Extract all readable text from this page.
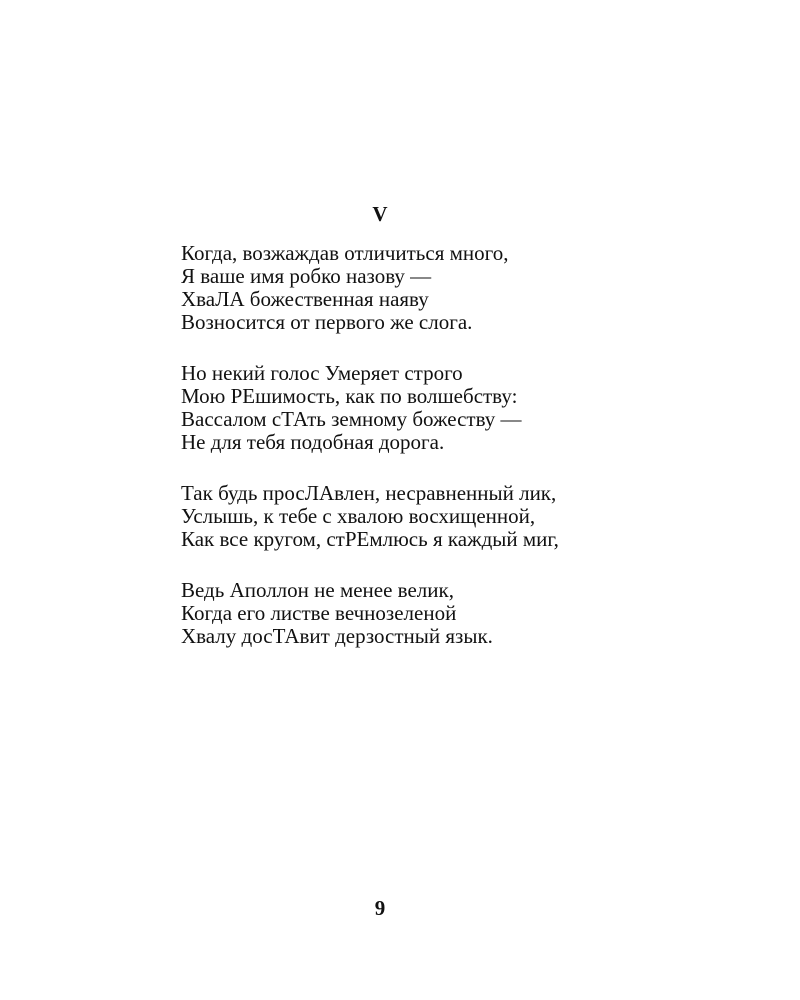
V
Когда, возжаждав отличиться много,
Я ваше имя робко назову —
ХваЛА божественная наяву
Возносится от первого же слога.
Но некий голос Умеряет строго
Мою РЕшимость, как по волшебству:
Вассалом сТАть земному божеству —
Не для тебя подобная дорога.
Так будь просЛАвлен, несравненный лик,
Услышь, к тебе с хвалою восхищенной,
Как все кругом, стРЕмлюсь я каждый миг,
Ведь Аполлон не менее велик,
Когда его листве вечнозеленой
Хвалу досТАвит дерзостный язык.
9
